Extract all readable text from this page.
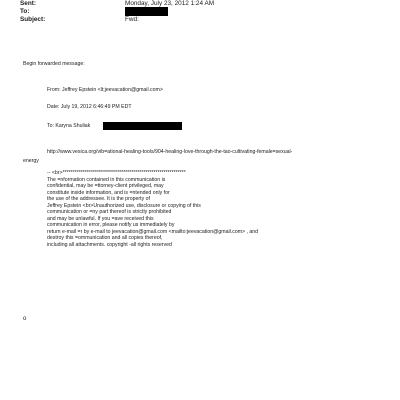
Sent:	Monday, July 23, 2012 1:24 AM
To:
Subject:	Fwd:
Begin forwarded message:
From: Jeffrey Epstein <lt;jeevacation@gmail.com>
Date: July 19, 2012 6:46:49 PM EDT
To: Karyna Shuliak
http://www.vesica.org/vib=ational-healing-tools/904-healing-love-through-the-tao-cultivating-female=sexual-
energy
-- <br>*************************************************************
The =nformation contained in this communication is
confidential, may be =ttorney-client privileged, may
constitute inside information, and is =ntended only for
the use of the addressee. It is the property of
Jeffrey Epstein <br>Unauthorized use, disclosure or copying of this
communication or =ny part thereof is strictly prohibited
and may be unlawful. If you =ave received this
communication in error, please notify us immediately by
return e-mail =r by e-mail to jeevacation@gmail.com <mailto:jeevacation@gmail.com> , and
destroy this =ommunication and all copies thereof,
including all attachments. copyright -all rights reserved
o
